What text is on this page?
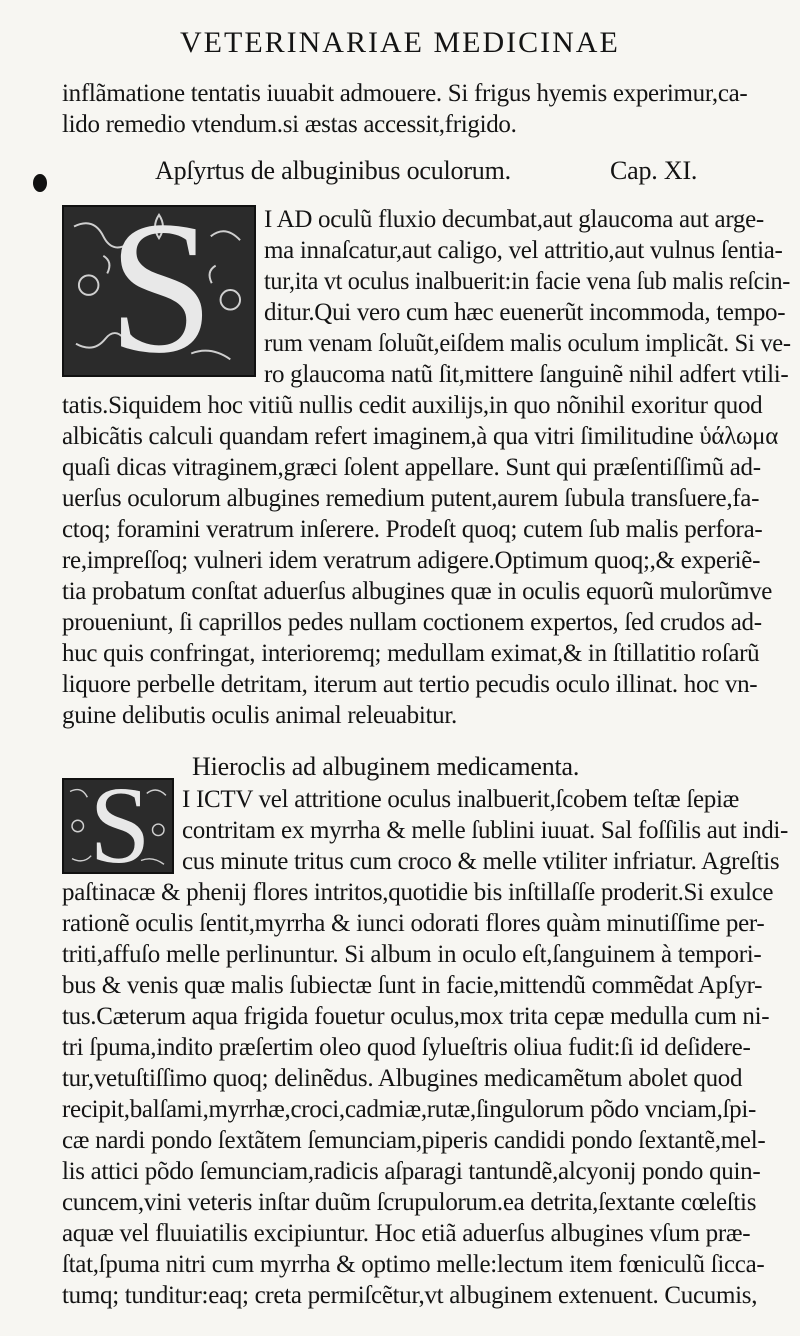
VETERINARIAE MEDICINAE
inflãmatione tentatis iuuabit admouere. Si frigus hyemis experimur,ca-
lido remedio vtendum.si æstas accessit,frigido.
Apſyrtus de albuginibus oculorum.	Cap. XI.
S	I AD oculũ fluxio decumbat,aut glaucoma aut arge-
ma innaſcatur,aut caligo, vel attritio,aut vulnus ſentia-
tur,ita vt oculus inalbuerit:in facie vena ſub malis reſcin-
ditur.Qui vero cum hæc euenerũt incommoda, tempo-
rum venam ſoluũt,eiſdem malis oculum implicãt. Si ve-
ro glaucoma natũ ſit,mittere ſanguinẽ nihil adfert vtili-
tatis.Siquidem hoc vitiũ nullis cedit auxilijs,in quo nõnihil exoritur quod
albicãtis calculi quandam refert imaginem,à qua vitri ſimilitudine ὑάλωμα
quaſi dicas vitraginem,græci ſolent appellare. Sunt qui præſentiſſimũ ad-
uerſus oculorum albugines remedium putent,aurem ſubula transſuere,fa-
ctoq; foramini veratrum inſerere. Prodeſt quoq; cutem ſub malis perfora-
re,impreſſoq; vulneri idem veratrum adigere.Optimum quoq;,& experiẽ-
tia probatum conſtat aduerſus albugines quæ in oculis equorũ mulorũmve
proueniunt, ſi caprillos pedes nullam coctionem expertos, ſed crudos ad-
huc quis confringat, interioremq; medullam eximat,& in ſtillatitio roſarũ
liquore perbelle detritam, iterum aut tertio pecudis oculo illinat. hoc vn-
guine delibutis oculis animal releuabitur.
Hieroclis ad albuginem medicamenta.
S	I ICTV vel attritione oculus inalbuerit,ſcobem teſtæ ſepiæ
contritam ex myrrha & melle ſublini iuuat. Sal foſſilis aut indi-
cus minute tritus cum croco & melle vtiliter infriatur. Agreſtis
paſtinacæ & phenij flores intritos,quotidie bis inſtillaſſe proderit.Si exulce
rationẽ oculis ſentit,myrrha & iunci odorati flores quàm minutiſſime per-
triti,affuſo melle perlinuntur. Si album in oculo eſt,ſanguinem à tempori-
bus & venis quæ malis ſubiectæ ſunt in facie,mittendũ commẽdat Apſyr-
tus.Cæterum aqua frigida fouetur oculus,mox trita cepæ medulla cum ni-
tri ſpuma,indito præſertim oleo quod ſylueſtris oliua fudit:ſi id deſidere-
tur,vetuſtiſſimo quoq; delinẽdus. Albugines medicamẽtum abolet quod
recipit,balſami,myrrhæ,croci,cadmiæ,rutæ,ſingulorum põdo vnciam,ſpi-
cæ nardi pondo ſextãtem ſemunciam,piperis candidi pondo ſextantẽ,mel-
lis attici põdo ſemunciam,radicis aſparagi tantundẽ,alcyonij pondo quin-
cuncem,vini veteris inſtar duũm ſcrupulorum.ea detrita,ſextante cœleſtis
aquæ vel fluuiatilis excipiuntur. Hoc etiã aduerſus albugines vſum præ-
ſtat,ſpuma nitri cum myrrha & optimo melle:lectum item fœniculũ ſicca-
tumq; tunditur:eaq; creta permiſcẽtur,vt albuginem extenuent. Cucumis,
